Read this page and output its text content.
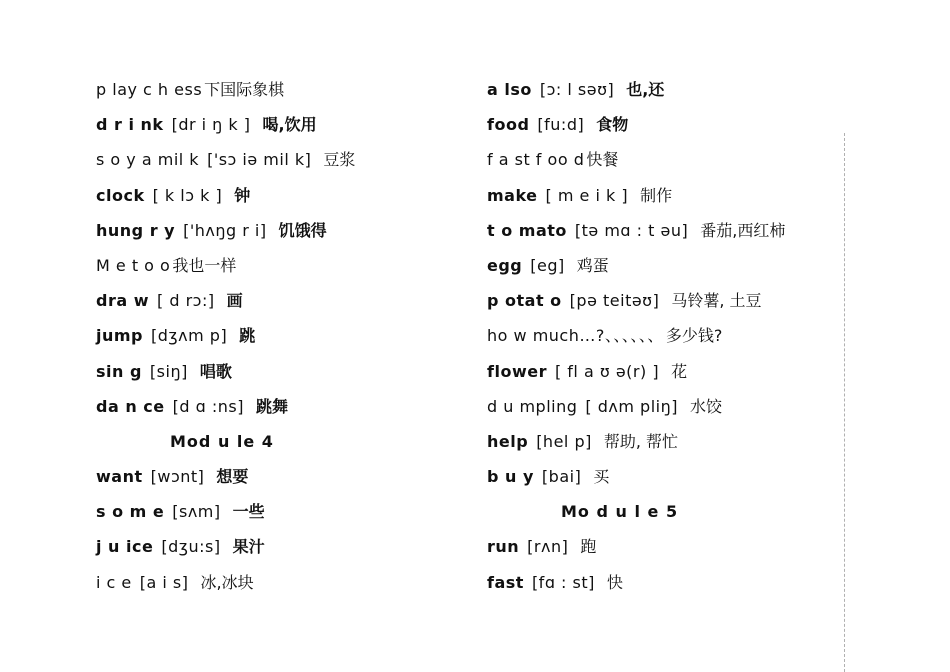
p lay c h ess 下国际象棋
d r i nk [dr i ŋ k ] 喝,饮用
s o y a mil k ['sɔ iə mil k] 豆浆
clock [ k lɔ k ] 钟
hung r y ['hʌŋg r i] 饥饿得
M e t o o 我也一样
dra w [ d rɔ:] 画
jump [dʒʌm p] 跳
sin g [siŋ] 唱歌
da n ce [d ɑ :ns] 跳舞
Mod u le 4
want [wɔnt] 想要
s o m e [sʌm] 一些
j u ice [dʒu:s] 果汁
i c e [a i s] 冰,冰块
a lso [ɔ: l səʊ] 也,还
food [fu:d] 食物
f a st f oo d 快餐
make [ m e i k ] 制作
t o mato [tə mɑ : t əu] 番茄,西红柿
egg [eg] 鸡蛋
p otat o [pə teitəʊ] 马铃薯, 土豆
ho w much…?、、、、、、 多少钱?
flower [ fl a ʊ ə(r) ] 花
d u mpling [ dʌm pliŋ] 水饺
help [hel p] 帮助, 帮忙
b u y [bai] 买
Mo d u l e 5
run [rʌn] 跑
fast [fɑ : st] 快
